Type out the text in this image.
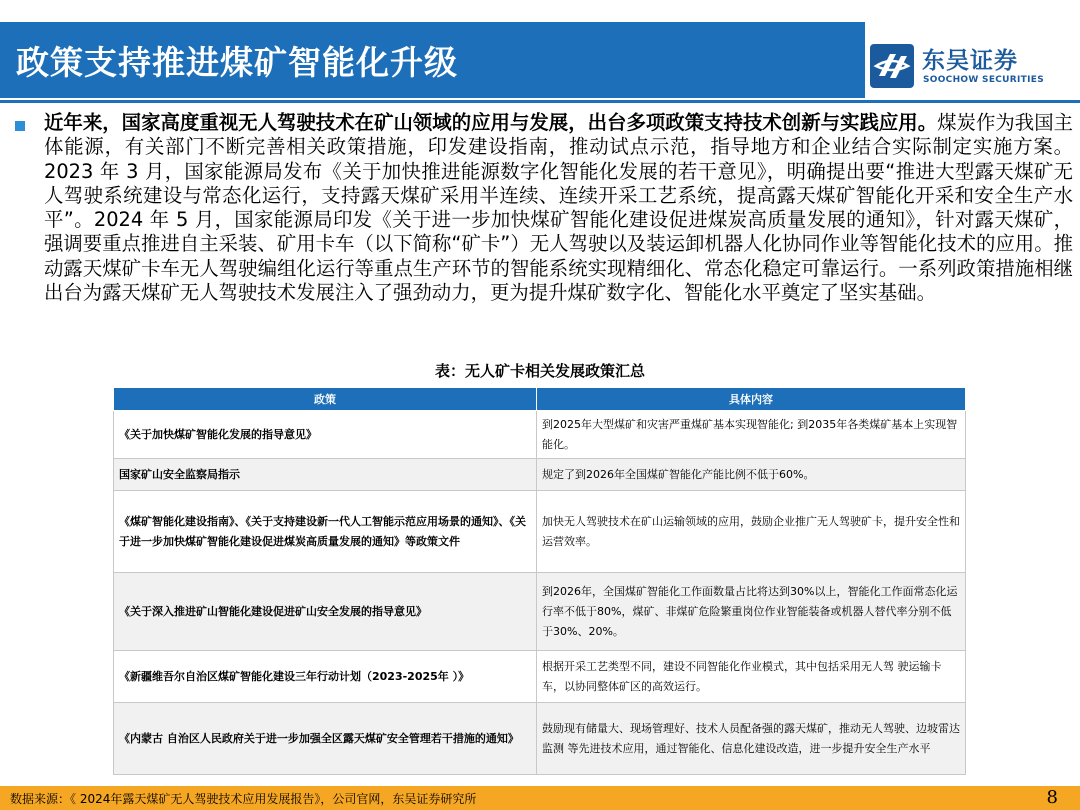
政策支持推进煤矿智能化升级	东吴证券
SOOCHOW SECURITIES

近年来，国家高度重视无人驾驶技术在矿山领域的应用与发展，出台多项政策支持技术创新与实践应用。煤炭作为我国主体能源，有关部门不断完善相关政策措施，印发建设指南，推动试点示范，指导地方和企业结合实际制定实施方案。2023 年 3 月，国家能源局发布《关于加快推进能源数字化智能化发展的若干意见》，明确提出要“推进大型露天煤矿无人驾驶系统建设与常态化运行，支持露天煤矿采用半连续、连续开采工艺系统，提高露天煤矿智能化开采和安全生产水平”。2024 年 5 月，国家能源局印发《关于进一步加快煤矿智能化建设促进煤炭高质量发展的通知》，针对露天煤矿，强调要重点推进自主采装、矿用卡车（以下简称“矿卡”）无人驾驶以及装运卸机器人化协同作业等智能化技术的应用。推动露天煤矿卡车无人驾驶编组化运行等重点生产环节的智能系统实现精细化、常态化稳定可靠运行。一系列政策措施相继出台为露天煤矿无人驾驶技术发展注入了强劲动力，更为提升煤矿数字化、智能化水平奠定了坚实基础。

表：无人矿卡相关发展政策汇总
政策	具体内容
《关于加快煤矿智能化发展的指导意见》	到2025年大型煤矿和灾害严重煤矿基本实现智能化; 到2035年各类煤矿基本上实现智能化。
国家矿山安全监察局指示	规定了到2026年全国煤矿智能化产能比例不低于60%。
《煤矿智能化建设指南》、《关于支持建设新一代人工智能示范应用场景的通知》、《关于进一步加快煤矿智能化建设促进煤炭高质量发展的通知》等政策文件	加快无人驾驶技术在矿山运输领域的应用，鼓励企业推广无人驾驶矿卡，提升安全性和运营效率。
《关于深入推进矿山智能化建设促进矿山安全发展的指导意见》	到2026年，全国煤矿智能化工作面数量占比将达到30%以上，智能化工作面常态化运行率不低于80%，煤矿、非煤矿危险繁重岗位作业智能装备或机器人替代率分别不低于30%、20%。
《新疆维吾尔自治区煤矿智能化建设三年行动计划（2023-2025年 ）》	根据开采工艺类型不同，建设不同智能化作业模式，其中包括采用无人驾 驶运输卡车，以协同整体矿区的高效运行。
《内蒙古 自治区人民政府关于进一步加强全区露天煤矿安全管理若干措施的通知》	鼓励现有储量大、现场管理好、技术人员配备强的露天煤矿，推动无人驾驶、边坡雷达监测 等先进技术应用，通过智能化、信息化建设改造，进一步提升安全生产水平
数据来源：《 2024年露天煤矿无人驾驶技术应用发展报告》，公司官网，东吴证券研究所	8
